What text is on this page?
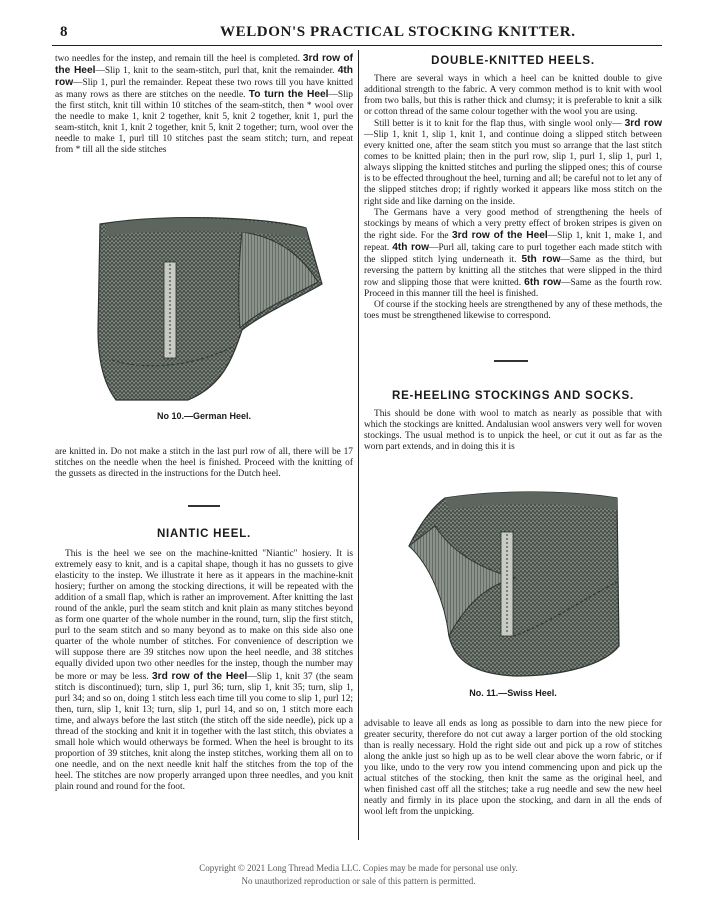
8	WELDON'S PRACTICAL STOCKING KNITTER.

two needles for the instep, and remain till the heel is completed. 3rd row of the Heel—Slip 1, knit to the seam-stitch, purl that, knit the remainder. 4th row—Slip 1, purl the remainder. Repeat these two rows till you have knitted as many rows as there are stitches on the needle. To turn the Heel—Slip the first stitch, knit till within 10 stitches of the seam-stitch, then * wool over the needle to make 1, knit 2 together, knit 5, knit 2 together, knit 1, purl the seam-stitch, knit 1, knit 2 together, knit 5, knit 2 together; turn, wool over the needle to make 1, purl till 10 stitches past the seam stitch; turn, and repeat from * till all the side stitches

No 10.—German Heel.

are knitted in. Do not make a stitch in the last purl row of all, there will be 17 stitches on the needle when the heel is finished. Proceed with the knitting of the gussets as directed in the instructions for the Dutch heel.

NIANTIC HEEL.

This is the heel we see on the machine-knitted "Niantic" hosiery. It is extremely easy to knit, and is a capital shape, though it has no gussets to give elasticity to the instep. We illustrate it here as it appears in the machine-knit hosiery; further on among the stocking directions, it will be repeated with the addition of a small flap, which is rather an improvement. After knitting the last round of the ankle, purl the seam stitch and knit plain as many stitches beyond as form one quarter of the whole number in the round, turn, slip the first stitch, purl to the seam stitch and so many beyond as to make on this side also one quarter of the whole number of stitches. For convenience of description we will suppose there are 39 stitches now upon the heel needle, and 38 stitches equally divided upon two other needles for the instep, though the number may be more or may be less. 3rd row of the Heel—Slip 1, knit 37 (the seam stitch is discontinued); turn, slip 1, purl 36; turn, slip 1, knit 35; turn, slip 1, purl 34; and so on, doing 1 stitch less each time till you come to slip 1, purl 12; then, turn, slip 1, knit 13; turn, slip 1, purl 14, and so on, 1 stitch more each time, and always before the last stitch (the stitch off the side needle), pick up a thread of the stocking and knit it in together with the last stitch, this obviates a small hole which would otherways be formed. When the heel is brought to its proportion of 39 stitches, knit along the instep stitches, working them all on to one needle, and on the next needle knit half the stitches from the top of the heel. The stitches are now properly arranged upon three needles, and you knit plain round and round for the foot.

DOUBLE-KNITTED HEELS.

There are several ways in which a heel can be knitted double to give additional strength to the fabric. A very common method is to knit with wool from two balls, but this is rather thick and clumsy; it is preferable to knit a silk or cotton thread of the same colour together with the wool you are using.

Still better is it to knit for the flap thus, with single wool only— 3rd row—Slip 1, knit 1, slip 1, knit 1, and continue doing a slipped stitch between every knitted one, after the seam stitch you must so arrange that the last stitch comes to be knitted plain; then in the purl row, slip 1, purl 1, slip 1, purl 1, always slipping the knitted stitches and purling the slipped ones; this of course is to be effected throughout the heel, turning and all; be careful not to let any of the slipped stitches drop; if rightly worked it appears like moss stitch on the right side and like darning on the inside.

The Germans have a very good method of strengthening the heels of stockings by means of which a very pretty effect of broken stripes is given on the right side. For the 3rd row of the Heel—Slip 1, knit 1, make 1, and repeat. 4th row—Purl all, taking care to purl together each made stitch with the slipped stitch lying underneath it. 5th row—Same as the third, but reversing the pattern by knitting all the stitches that were slipped in the third row and slipping those that were knitted. 6th row—Same as the fourth row. Proceed in this manner till the heel is finished.

Of course if the stocking heels are strengthened by any of these methods, the toes must be strengthened likewise to correspond.

RE-HEELING STOCKINGS AND SOCKS.

This should be done with wool to match as nearly as possible that with which the stockings are knitted. Andalusian wool answers very well for woven stockings. The usual method is to unpick the heel, or cut it out as far as the worn part extends, and in doing this it is

No. 11.—Swiss Heel.

advisable to leave all ends as long as possible to darn into the new piece for greater security, therefore do not cut away a larger portion of the old stocking than is really necessary. Hold the right side out and pick up a row of stitches along the ankle just so high up as to be well clear above the worn fabric, or if you like, undo to the very row you intend commencing upon and pick up the actual stitches of the stocking, then knit the same as the original heel, and when finished cast off all the stitches; take a rug needle and sew the new heel neatly and firmly in its place upon the stocking, and darn in all the ends of wool left from the unpicking.

Copyright © 2021 Long Thread Media LLC. Copies may be made for personal use only.
No unauthorized reproduction or sale of this pattern is permitted.
